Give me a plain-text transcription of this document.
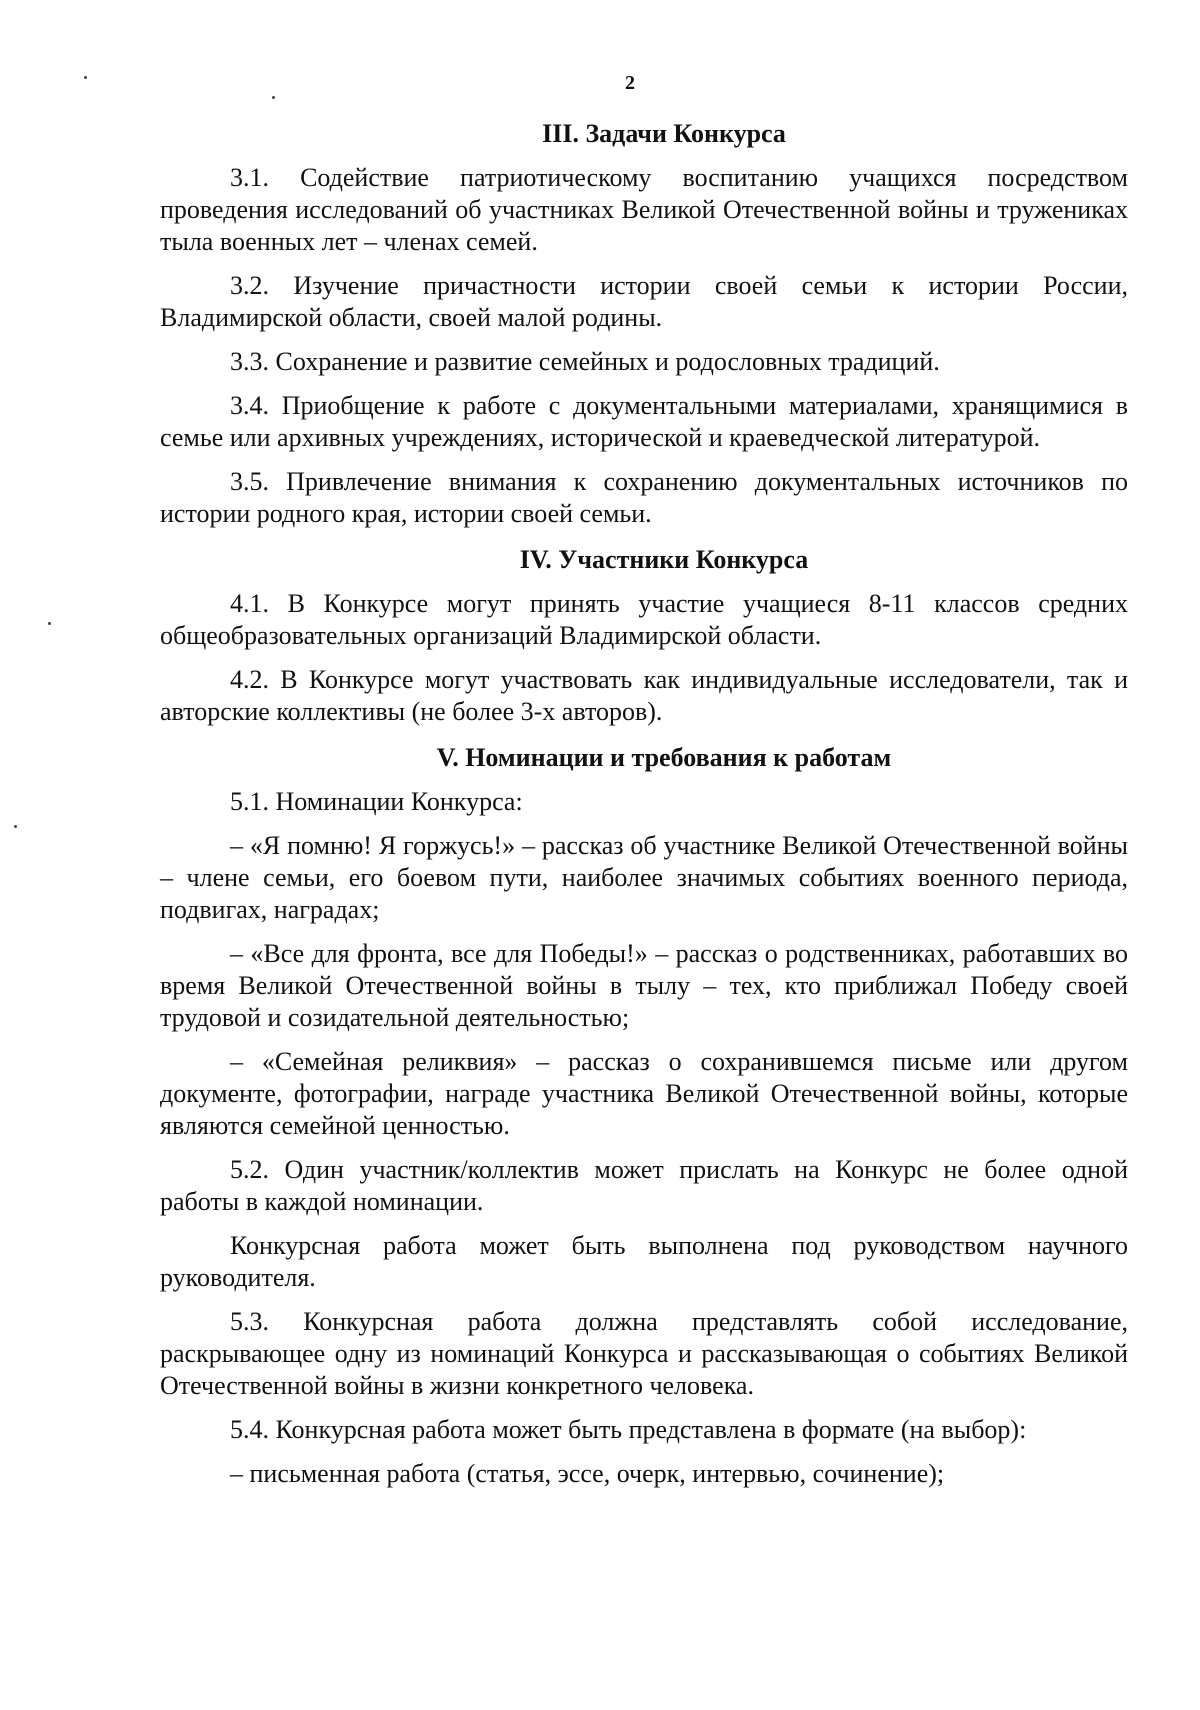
2
III. Задачи Конкурса

3.1. Содействие патриотическому воспитанию учащихся посредством проведения исследований об участниках Великой Отечественной войны и тружениках тыла военных лет – членах семей.

3.2. Изучение причастности истории своей семьи к истории России, Владимирской области, своей малой родины.

3.3. Сохранение и развитие семейных и родословных традиций.

3.4. Приобщение к работе с документальными материалами, хранящимися в семье или архивных учреждениях, исторической и краеведческой литературой.

3.5. Привлечение внимания к сохранению документальных источников по истории родного края, истории своей семьи.

IV. Участники Конкурса

4.1. В Конкурсе могут принять участие учащиеся 8-11 классов средних общеобразовательных организаций Владимирской области.

4.2. В Конкурсе могут участвовать как индивидуальные исследователи, так и авторские коллективы (не более 3-х авторов).

V. Номинации и требования к работам

5.1. Номинации Конкурса:

– «Я помню! Я горжусь!» – рассказ об участнике Великой Отечественной войны – члене семьи, его боевом пути, наиболее значимых событиях военного периода, подвигах, наградах;

– «Все для фронта, все для Победы!» – рассказ о родственниках, работавших во время Великой Отечественной войны в тылу – тех, кто приближал Победу своей трудовой и созидательной деятельностью;

– «Семейная реликвия» – рассказ о сохранившемся письме или другом документе, фотографии, награде участника Великой Отечественной войны, которые являются семейной ценностью.

5.2. Один участник/коллектив может прислать на Конкурс не более одной работы в каждой номинации.

Конкурсная работа может быть выполнена под руководством научного руководителя.

5.3. Конкурсная работа должна представлять собой исследование, раскрывающее одну из номинаций Конкурса и рассказывающая о событиях Великой Отечественной войны в жизни конкретного человека.

5.4. Конкурсная работа может быть представлена в формате (на выбор):

– письменная работа (статья, эссе, очерк, интервью, сочинение);
